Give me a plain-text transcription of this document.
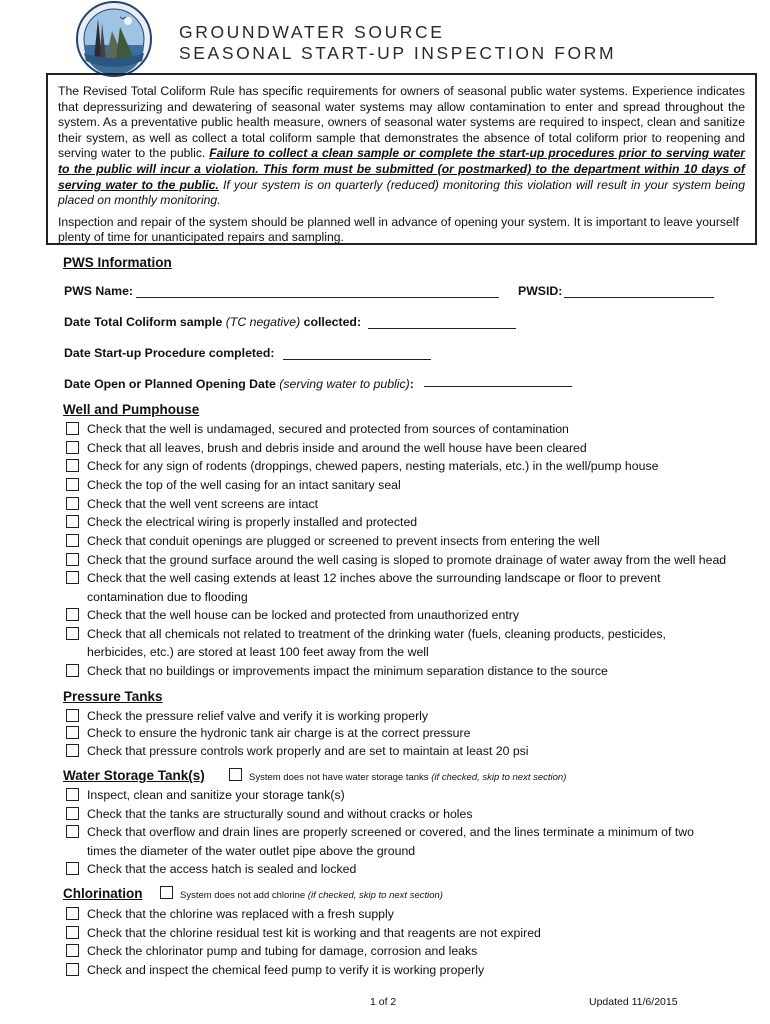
GROUNDWATER SOURCE
SEASONAL START-UP INSPECTION FORM

The Revised Total Coliform Rule has specific requirements for owners of seasonal public water systems. Experience indicates that depressurizing and dewatering of seasonal water systems may allow contamination to enter and spread throughout the system. As a preventative public health measure, owners of seasonal water systems are required to inspect, clean and sanitize their system, as well as collect a total coliform sample that demonstrates the absence of total coliform prior to reopening and serving water to the public. Failure to collect a clean sample or complete the start-up procedures prior to serving water to the public will incur a violation. This form must be submitted (or postmarked) to the department within 10 days of serving water to the public. If your system is on quarterly (reduced) monitoring this violation will result in your system being placed on monthly monitoring.

Inspection and repair of the system should be planned well in advance of opening your system. It is important to leave yourself plenty of time for unanticipated repairs and sampling.

PWS Information
PWS Name:	PWSID:
Date Total Coliform sample (TC negative) collected:
Date Start-up Procedure completed:
Date Open or Planned Opening Date (serving water to public):
Well and Pumphouse
Check that the well is undamaged, secured and protected from sources of contamination
Check that all leaves, brush and debris inside and around the well house have been cleared
Check for any sign of rodents (droppings, chewed papers, nesting materials, etc.) in the well/pump house
Check the top of the well casing for an intact sanitary seal
Check that the well vent screens are intact
Check the electrical wiring is properly installed and protected
Check that conduit openings are plugged or screened to prevent insects from entering the well
Check that the ground surface around the well casing is sloped to promote drainage of water away from the well head
Check that the well casing extends at least 12 inches above the surrounding landscape or floor to prevent
contamination due to flooding
Check that the well house can be locked and protected from unauthorized entry
Check that all chemicals not related to treatment of the drinking water (fuels, cleaning products, pesticides,
herbicides, etc.) are stored at least 100 feet away from the well
Check that no buildings or improvements impact the minimum separation distance to the source
Pressure Tanks
Check the pressure relief valve and verify it is working properly
Check to ensure the hydronic tank air charge is at the correct pressure
Check that pressure controls work properly and are set to maintain at least 20 psi
Water Storage Tank(s)	System does not have water storage tanks (if checked, skip to next section)
Inspect, clean and sanitize your storage tank(s)
Check that the tanks are structurally sound and without cracks or holes
Check that overflow and drain lines are properly screened or covered, and the lines terminate a minimum of two
times the diameter of the water outlet pipe above the ground
Check that the access hatch is sealed and locked
Chlorination	System does not add chlorine (if checked, skip to next section)
Check that the chlorine was replaced with a fresh supply
Check that the chlorine residual test kit is working and that reagents are not expired
Check the chlorinator pump and tubing for damage, corrosion and leaks
Check and inspect the chemical feed pump to verify it is working properly
1 of 2	Updated 11/6/2015
